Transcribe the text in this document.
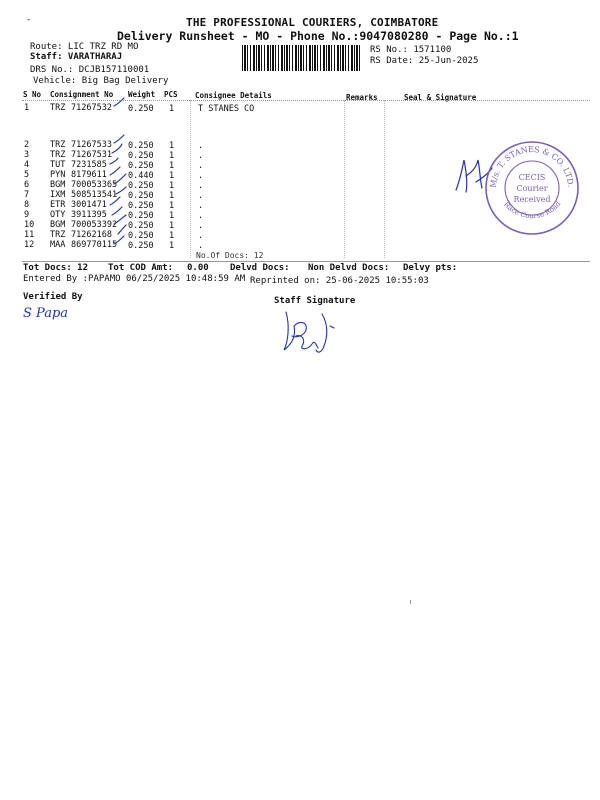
-	THE PROFESSIONAL COURIERS, COIMBATORE
Delivery Runsheet - MO - Phone No.:9047080280 - Page No.:1
Route: LIC TRZ RD MO
Staff: VARATHARAJ
DRS No.: DCJB157110001
Vehicle: Big Bag Delivery
RS No.: 1571100
RS Date: 25-Jun-2025
S No Consignment No Weight PCS Consignee Details	Remarks	Seal & Signature
1 TRZ 71267532 0.250 1	T STANES CO
2 TRZ 71267533 0.250 1	.
3 TRZ 71267531 0.250 1	.
4 TUT 7231585 0.250 1	.
5 PYN 8179611 0.440 1	.
6 BGM 700053365 0.250 1	.
7 IXM 508513541 0.250 1	.
8 ETR 3001471 0.250 1	.
9 OTY 3911395 0.250 1	.
10 BGM 700053392 0.250 1	.
11 TRZ 71262168 0.250 1	.
12 MAA 869770115 0.250 1	.
No.Of Docs: 12
Tot Docs: 12 Tot COD Amt: 0.00 Delvd Docs: Non Delvd Docs: Delvy pts:
Entered By :PAPAMO 06/25/2025 10:48:59 AM Reprinted on: 25-06-2025 10:55:03
Verified By
S Papa
Staff Signature
M/s. T. STANES & CO. LTD.
Race Course Road
CECIS
Courier
Received
